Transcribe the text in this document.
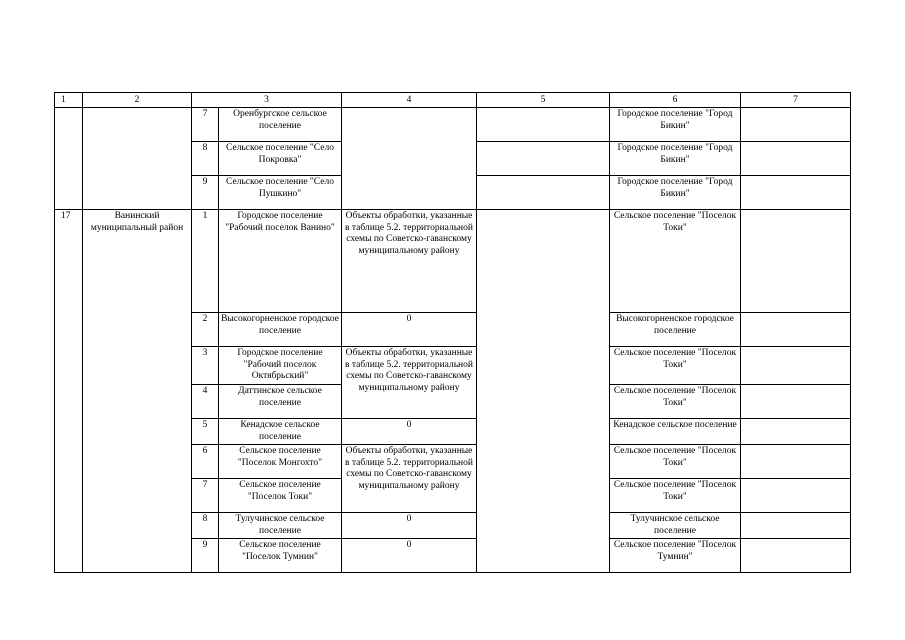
1	2	3		4	5	6	7
		7	Оренбургское сельское поселение			Городское поселение "Город Бикин"	
		8	Сельское поселение "Село Покровка"			Городское поселение "Город Бикин"	
		9	Сельское поселение "Село Пушкино"			Городское поселение "Город Бикин"	
17	Ванинский муниципальный район	1	Городское поселение "Рабочий поселок Ванино"	Объекты обработки, указанные в таблице 5.2. территориальной схемы по Советско-гаванскому муниципальному району		Сельское поселение "Поселок Токи"	
		2	Высокогорненское городское поселение	0		Высокогорненское городское поселение	
		3	Городское поселение "Рабочий поселок Октябрьский"	Объекты обработки, указанные в таблице 5.2. территориальной схемы по Советско-гаванскому муниципальному району		Сельское поселение "Поселок Токи"	
		4	Даттинское сельское поселение			Сельское поселение "Поселок Токи"	
		5	Кенадское сельское поселение	0		Кенадское сельское поселение	
		6	Сельское поселение "Поселок Монгохто"	Объекты обработки, указанные в таблице 5.2. территориальной схемы по Советско-гаванскому муниципальному району		Сельское поселение "Поселок Токи"	
		7	Сельское поселение "Поселок Токи"			Сельское поселение "Поселок Токи"	
		8	Тулучинское сельское поселение	0		Тулучинское сельское поселение	
		9	Сельское поселение "Поселок Тумнин"	0		Сельское поселение "Поселок Тумнин"	
